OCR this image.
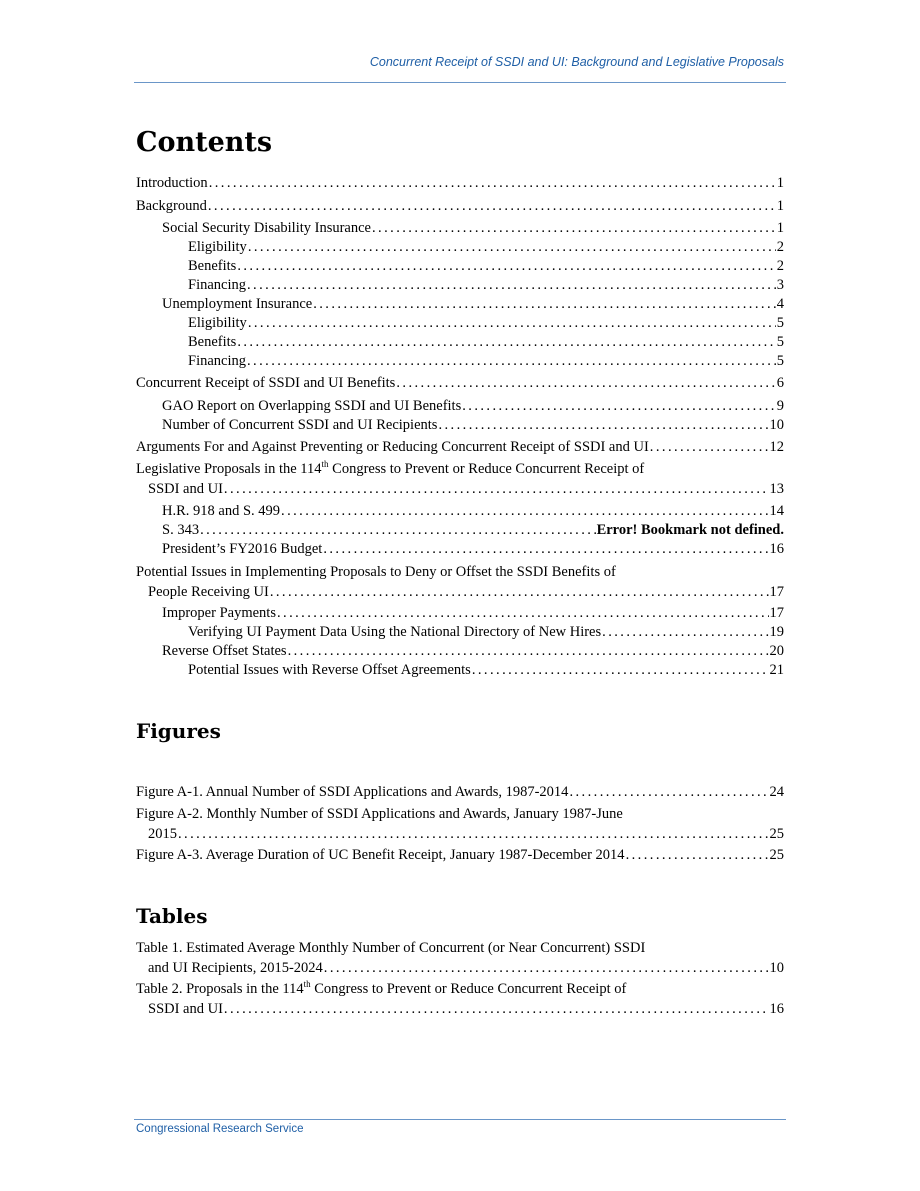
Concurrent Receipt of SSDI and UI: Background and Legislative Proposals
Contents
Introduction . . .	1
Background . . .	1
Social Security Disability Insurance . . .	1
Eligibility . . .	2
Benefits . . .	2
Financing . . .	3
Unemployment Insurance . . .	4
Eligibility . . .	5
Benefits . . .	5
Financing . . .	5
Concurrent Receipt of SSDI and UI Benefits . . .	6
GAO Report on Overlapping SSDI and UI Benefits . . .	9
Number of Concurrent SSDI and UI Recipients . . .	10
Arguments For and Against Preventing or Reducing Concurrent Receipt of SSDI and UI . . .	12
Legislative Proposals in the 114th Congress to Prevent or Reduce Concurrent Receipt of
SSDI and UI . . .	13
H.R. 918 and S. 499 . . .	14
S. 343 . . .	Error! Bookmark not defined.
President’s FY2016 Budget . . .	16
Potential Issues in Implementing Proposals to Deny or Offset the SSDI Benefits of
People Receiving UI . . .	17
Improper Payments . . .	17
Verifying UI Payment Data Using the National Directory of New Hires . . .	19
Reverse Offset States . . .	20
Potential Issues with Reverse Offset Agreements . . .	21
Figures
Figure A-1. Annual Number of SSDI Applications and Awards, 1987-2014 . . .	24
Figure A-2. Monthly Number of SSDI Applications and Awards, January 1987-June
2015 . . .	25
Figure A-3. Average Duration of UC Benefit Receipt, January 1987-December 2014 . . .	25
Tables
Table 1. Estimated Average Monthly Number of Concurrent (or Near Concurrent) SSDI
and UI Recipients, 2015-2024 . . .	10
Table 2. Proposals in the 114th Congress to Prevent or Reduce Concurrent Receipt of
SSDI and UI . . .	16
Congressional Research Service
